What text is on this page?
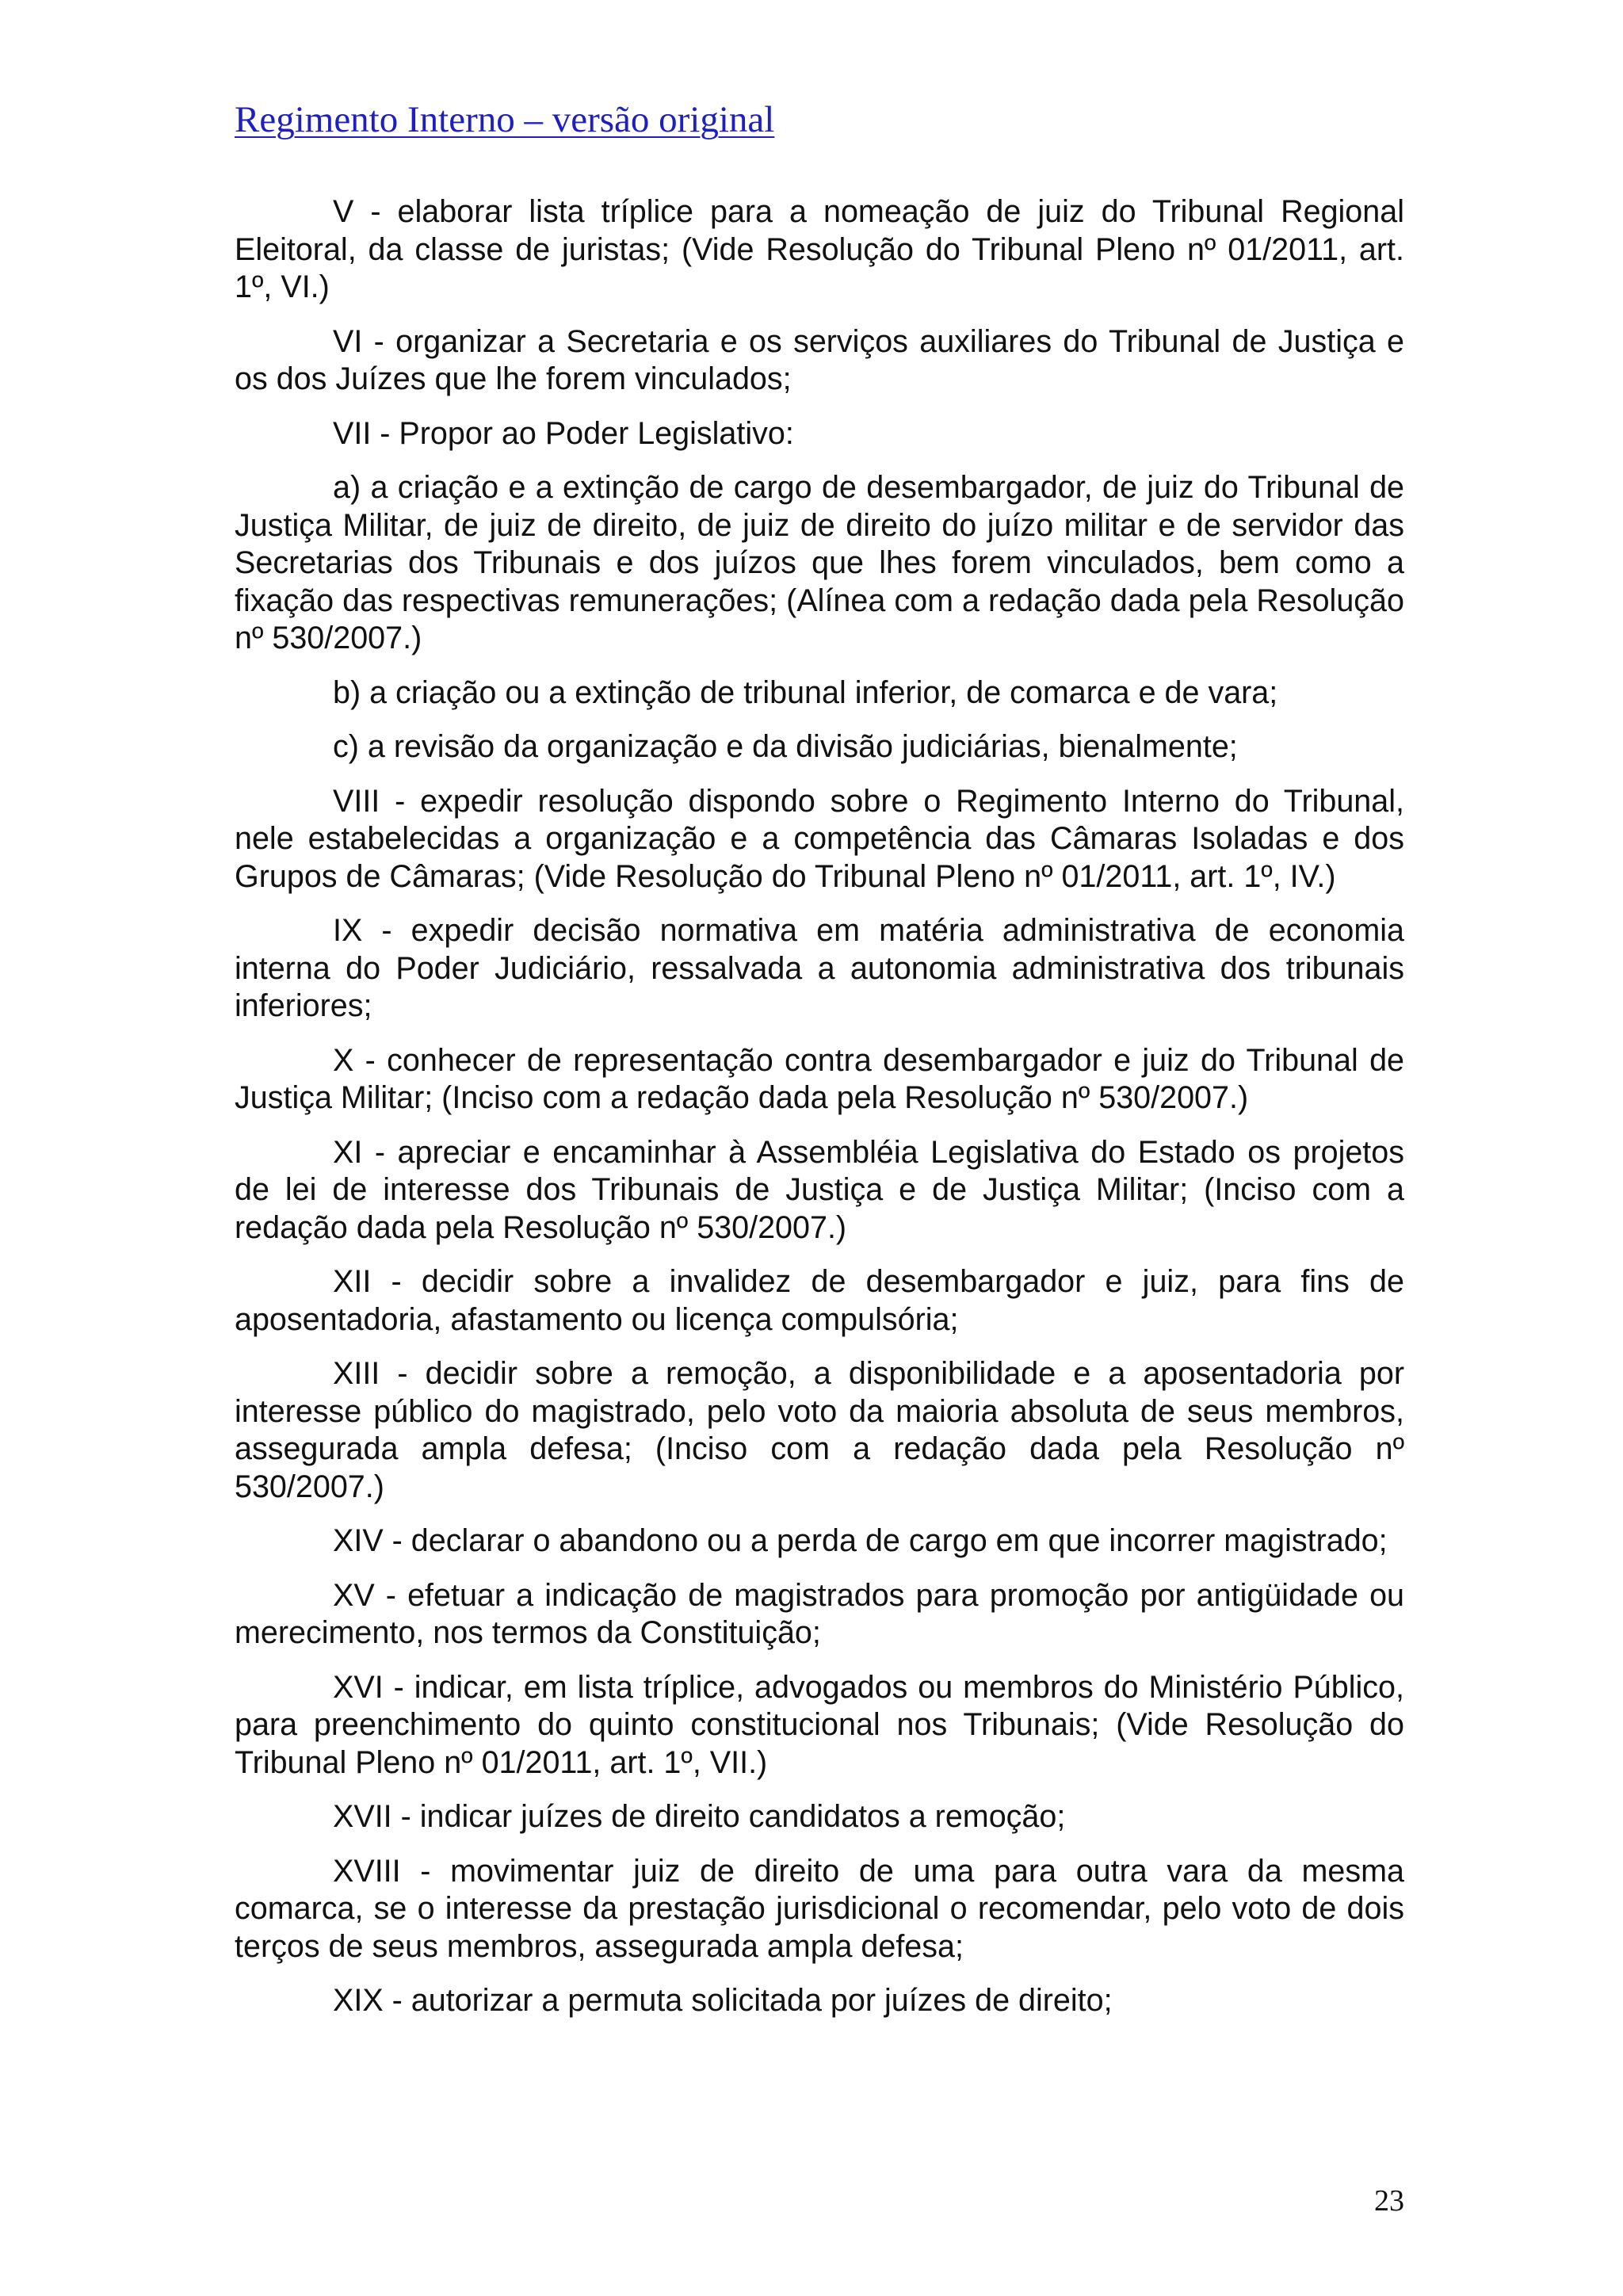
Regimento Interno – versão original

V - elaborar lista tríplice para a nomeação de juiz do Tribunal Regional Eleitoral, da classe de juristas; (Vide Resolução do Tribunal Pleno nº 01/2011, art. 1º, VI.)

VI - organizar a Secretaria e os serviços auxiliares do Tribunal de Justiça e os dos Juízes que lhe forem vinculados;

VII - Propor ao Poder Legislativo:

a) a criação e a extinção de cargo de desembargador, de juiz do Tribunal de Justiça Militar, de juiz de direito, de juiz de direito do juízo militar e de servidor das Secretarias dos Tribunais e dos juízos que lhes forem vinculados, bem como a fixação das respectivas remunerações; (Alínea com a redação dada pela Resolução nº 530/2007.)

b) a criação ou a extinção de tribunal inferior, de comarca e de vara;

c) a revisão da organização e da divisão judiciárias, bienalmente;

VIII - expedir resolução dispondo sobre o Regimento Interno do Tribunal, nele estabelecidas a organização e a competência das Câmaras Isoladas e dos Grupos de Câmaras; (Vide Resolução do Tribunal Pleno nº 01/2011, art. 1º, IV.)

IX - expedir decisão normativa em matéria administrativa de economia interna do Poder Judiciário, ressalvada a autonomia administrativa dos tribunais inferiores;

X - conhecer de representação contra desembargador e juiz do Tribunal de Justiça Militar; (Inciso com a redação dada pela Resolução nº 530/2007.)

XI - apreciar e encaminhar à Assembléia Legislativa do Estado os projetos de lei de interesse dos Tribunais de Justiça e de Justiça Militar; (Inciso com a redação dada pela Resolução nº 530/2007.)

XII - decidir sobre a invalidez de desembargador e juiz, para fins de aposentadoria, afastamento ou licença compulsória;

XIII - decidir sobre a remoção, a disponibilidade e a aposentadoria por interesse público do magistrado, pelo voto da maioria absoluta de seus membros, assegurada ampla defesa; (Inciso com a redação dada pela Resolução nº 530/2007.)

XIV - declarar o abandono ou a perda de cargo em que incorrer magistrado;

XV - efetuar a indicação de magistrados para promoção por antigüidade ou merecimento, nos termos da Constituição;

XVI - indicar, em lista tríplice, advogados ou membros do Ministério Público, para preenchimento do quinto constitucional nos Tribunais; (Vide Resolução do Tribunal Pleno nº 01/2011, art. 1º, VII.)

XVII - indicar juízes de direito candidatos a remoção;

XVIII - movimentar juiz de direito de uma para outra vara da mesma comarca, se o interesse da prestação jurisdicional o recomendar, pelo voto de dois terços de seus membros, assegurada ampla defesa;

XIX - autorizar a permuta solicitada por juízes de direito;

23
